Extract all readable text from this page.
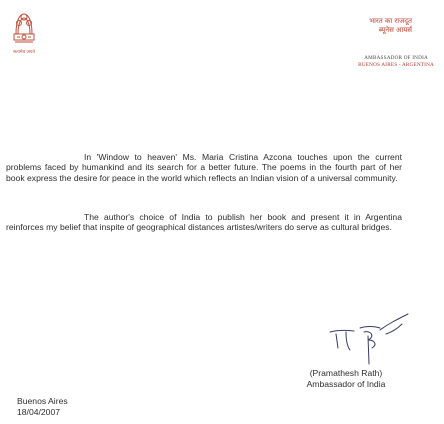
सत्यमेव जयते
भारत का राजदूत
ब्यूनेस आयर्स
AMBASSADOR OF INDIA
BUENOS AIRES - ARGENTINA
In 'Window to heaven' Ms. Maria Cristina Azcona touches upon the current problems faced by humankind and its search for a better future. The poems in the fourth part of her book express the desire for peace in the world which reflects an Indian vision of a universal community.
The author's choice of India to publish her book and present it in Argentina reinforces my belief that inspite of geographical distances artistes/writers do serve as cultural bridges.
(Pramathesh Rath)
Ambassador of India
Buenos Aires
18/04/2007
